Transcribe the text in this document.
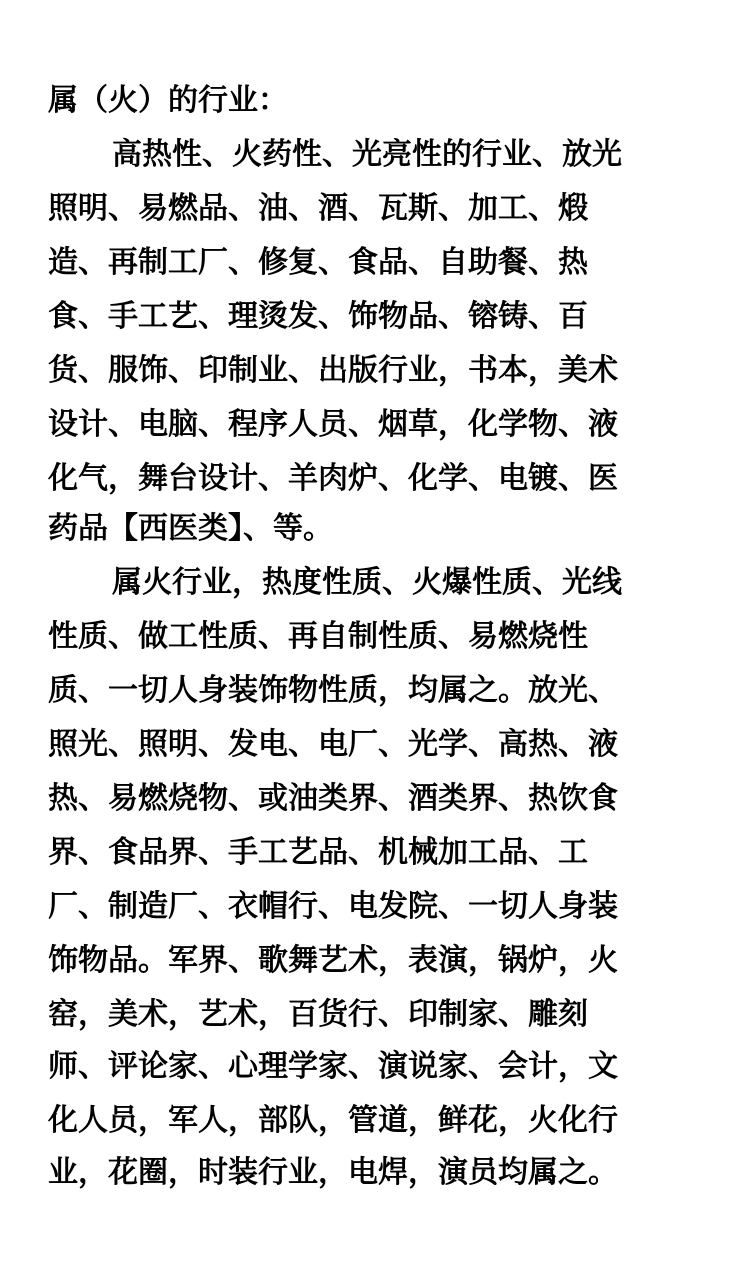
属（火）的行业：
高热性、火药性、光亮性的行业、放光
照明、易燃品、油、酒、瓦斯、加工、煅
造、再制工厂、修复、食品、自助餐、热
食、手工艺、理烫发、饰物品、镕铸、百
货、服饰、印制业、出版行业，书本，美术
设计、电脑、程序人员、烟草，化学物、液
化气，舞台设计、羊肉炉、化学、电镀、医
药品【西医类】、等。
属火行业，热度性质、火爆性质、光线
性质、做工性质、再自制性质、易燃烧性
质、一切人身装饰物性质，均属之。放光、
照光、照明、发电、电厂、光学、高热、液
热、易燃烧物、或油类界、酒类界、热饮食
界、食品界、手工艺品、机械加工品、工
厂、制造厂、衣帽行、电发院、一切人身装
饰物品。军界、歌舞艺术，表演，锅炉，火
窑，美术，艺术，百货行、印制家、雕刻
师、评论家、心理学家、演说家、会计，文
化人员，军人，部队，管道，鲜花，火化行
业，花圈，时装行业，电焊，演员均属之。
